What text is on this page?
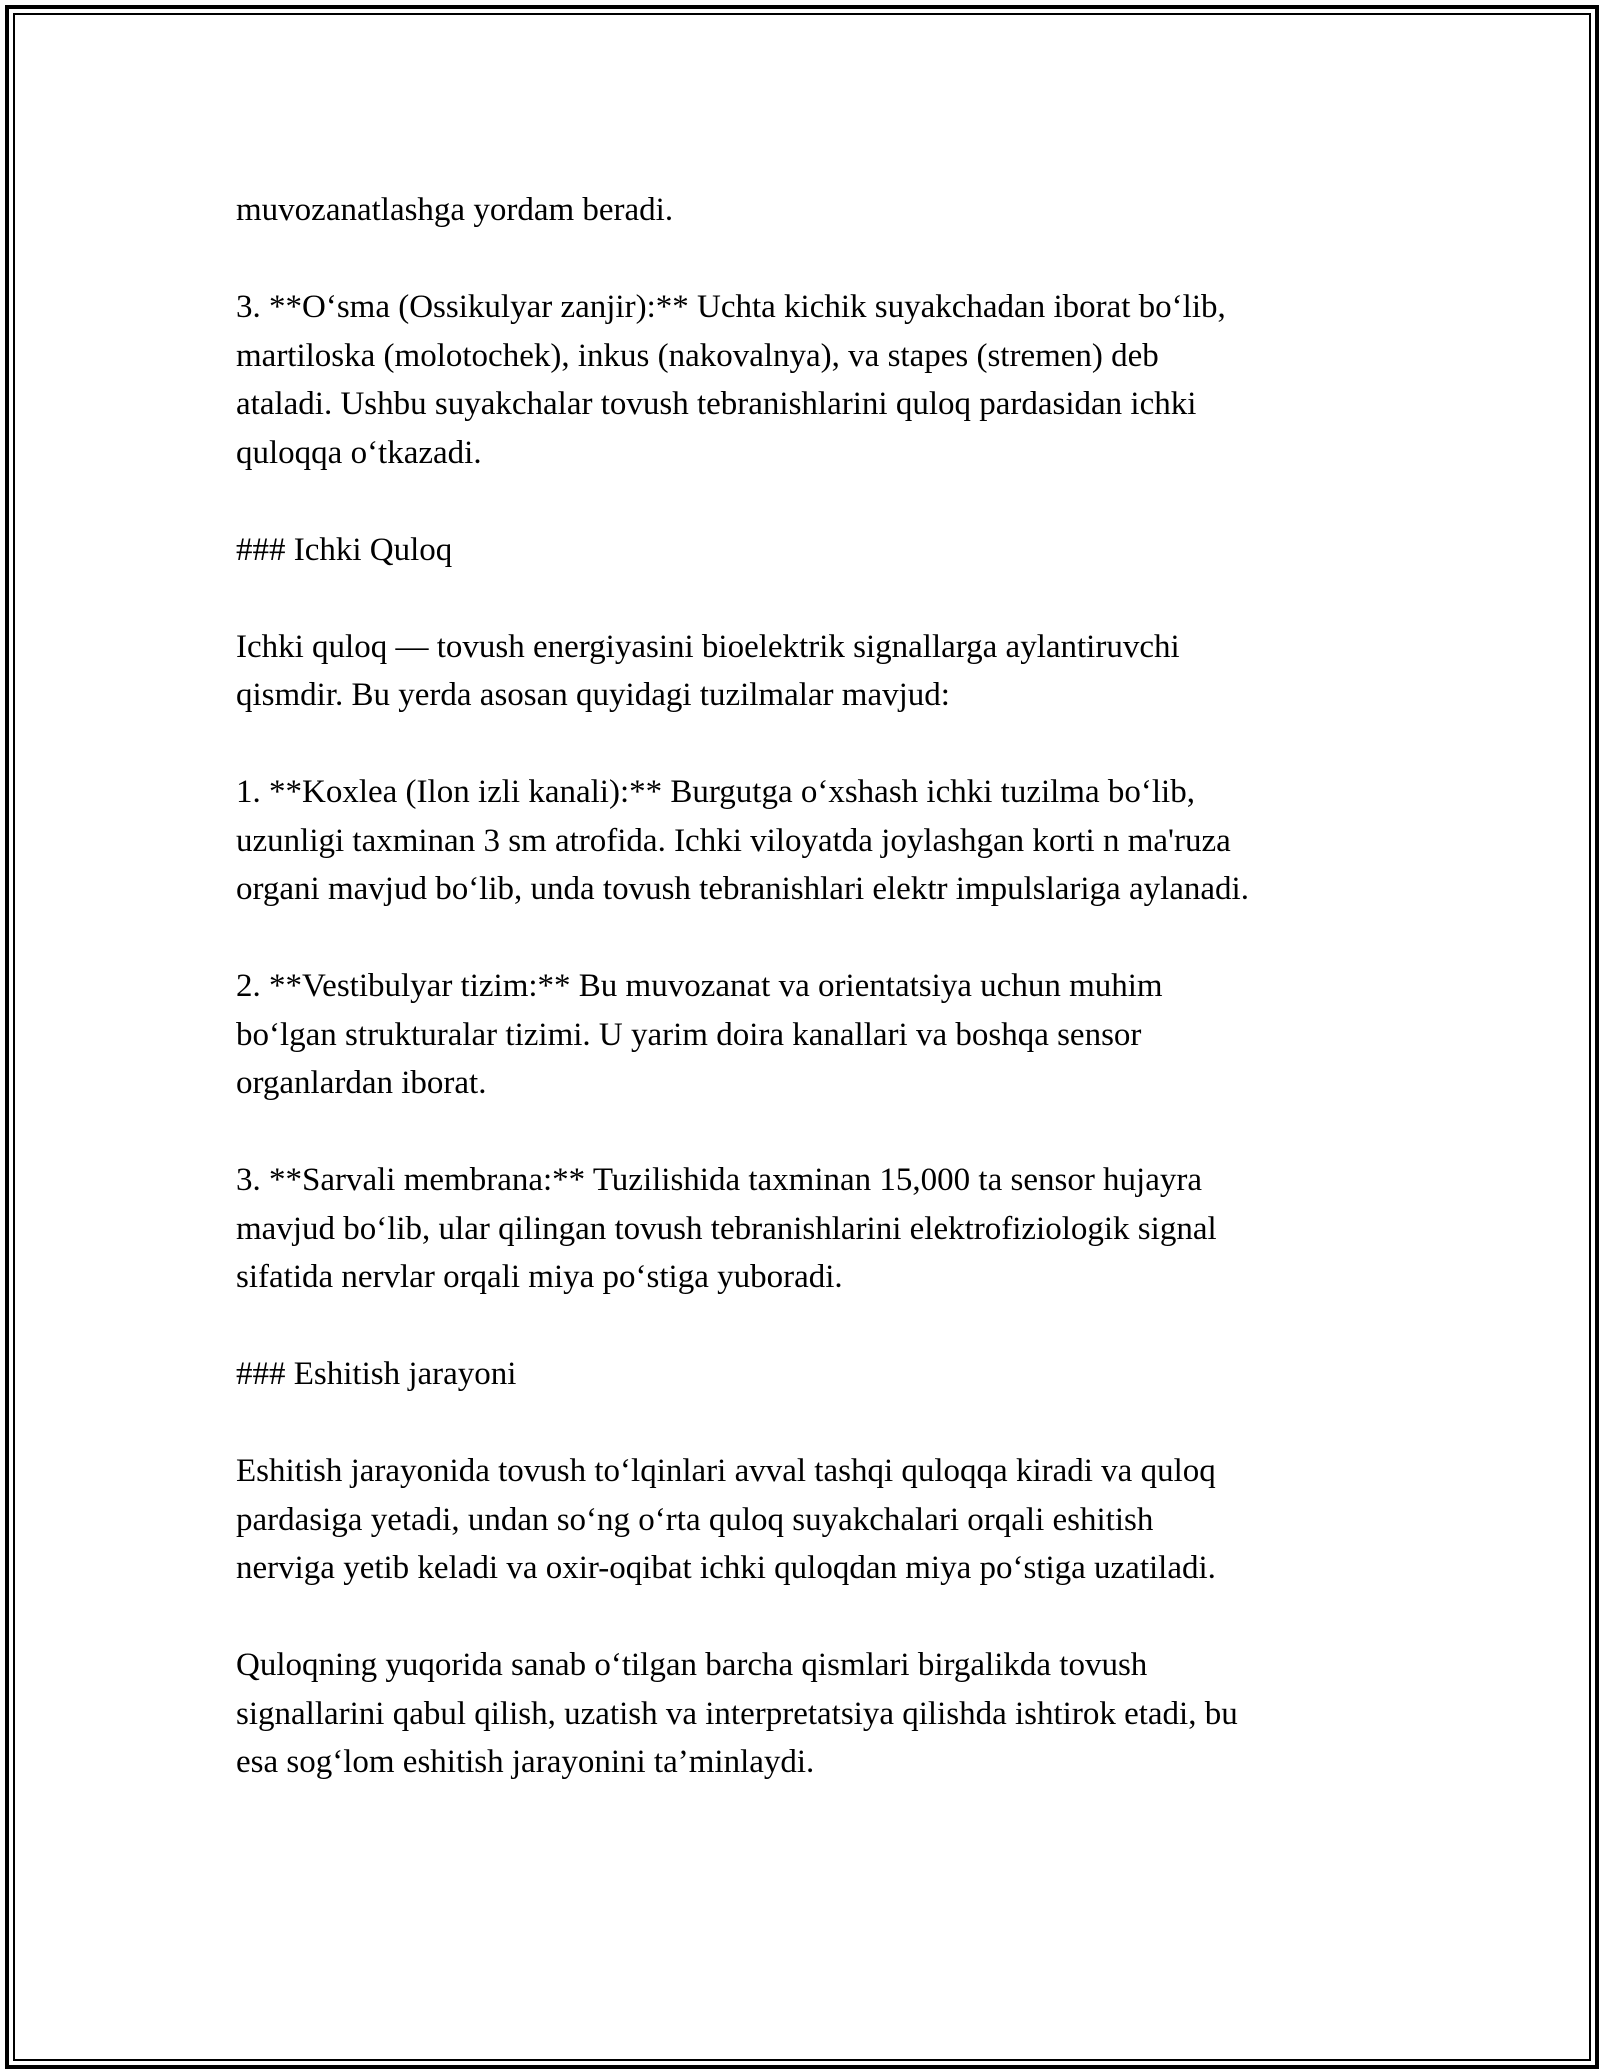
muvozanatlashga yordam beradi.

3. **O‘sma (Ossikulyar zanjir):** Uchta kichik suyakchadan iborat bo‘lib,
martiloska (molotochek), inkus (nakovalnya), va stapes (stremen) deb
ataladi. Ushbu suyakchalar tovush tebranishlarini quloq pardasidan ichki
quloqqa o‘tkazadi.

### Ichki Quloq

Ichki quloq — tovush energiyasini bioelektrik signallarga aylantiruvchi
qismdir. Bu yerda asosan quyidagi tuzilmalar mavjud:

1. **Koxlea (Ilon izli kanali):** Burgutga o‘xshash ichki tuzilma bo‘lib,
uzunligi taxminan 3 sm atrofida. Ichki viloyatda joylashgan korti n ma'ruza
organi mavjud bo‘lib, unda tovush tebranishlari elektr impulslariga aylanadi.

2. **Vestibulyar tizim:** Bu muvozanat va orientatsiya uchun muhim
bo‘lgan strukturalar tizimi. U yarim doira kanallari va boshqa sensor
organlardan iborat.

3. **Sarvali membrana:** Tuzilishida taxminan 15,000 ta sensor hujayra
mavjud bo‘lib, ular qilingan tovush tebranishlarini elektrofiziologik signal
sifatida nervlar orqali miya po‘stiga yuboradi.

### Eshitish jarayoni

Eshitish jarayonida tovush to‘lqinlari avval tashqi quloqqa kiradi va quloq
pardasiga yetadi, undan so‘ng o‘rta quloq suyakchalari orqali eshitish
nerviga yetib keladi va oxir-oqibat ichki quloqdan miya po‘stiga uzatiladi.

Quloqning yuqorida sanab o‘tilgan barcha qismlari birgalikda tovush
signallarini qabul qilish, uzatish va interpretatsiya qilishda ishtirok etadi, bu
esa sog‘lom eshitish jarayonini ta’minlaydi.
